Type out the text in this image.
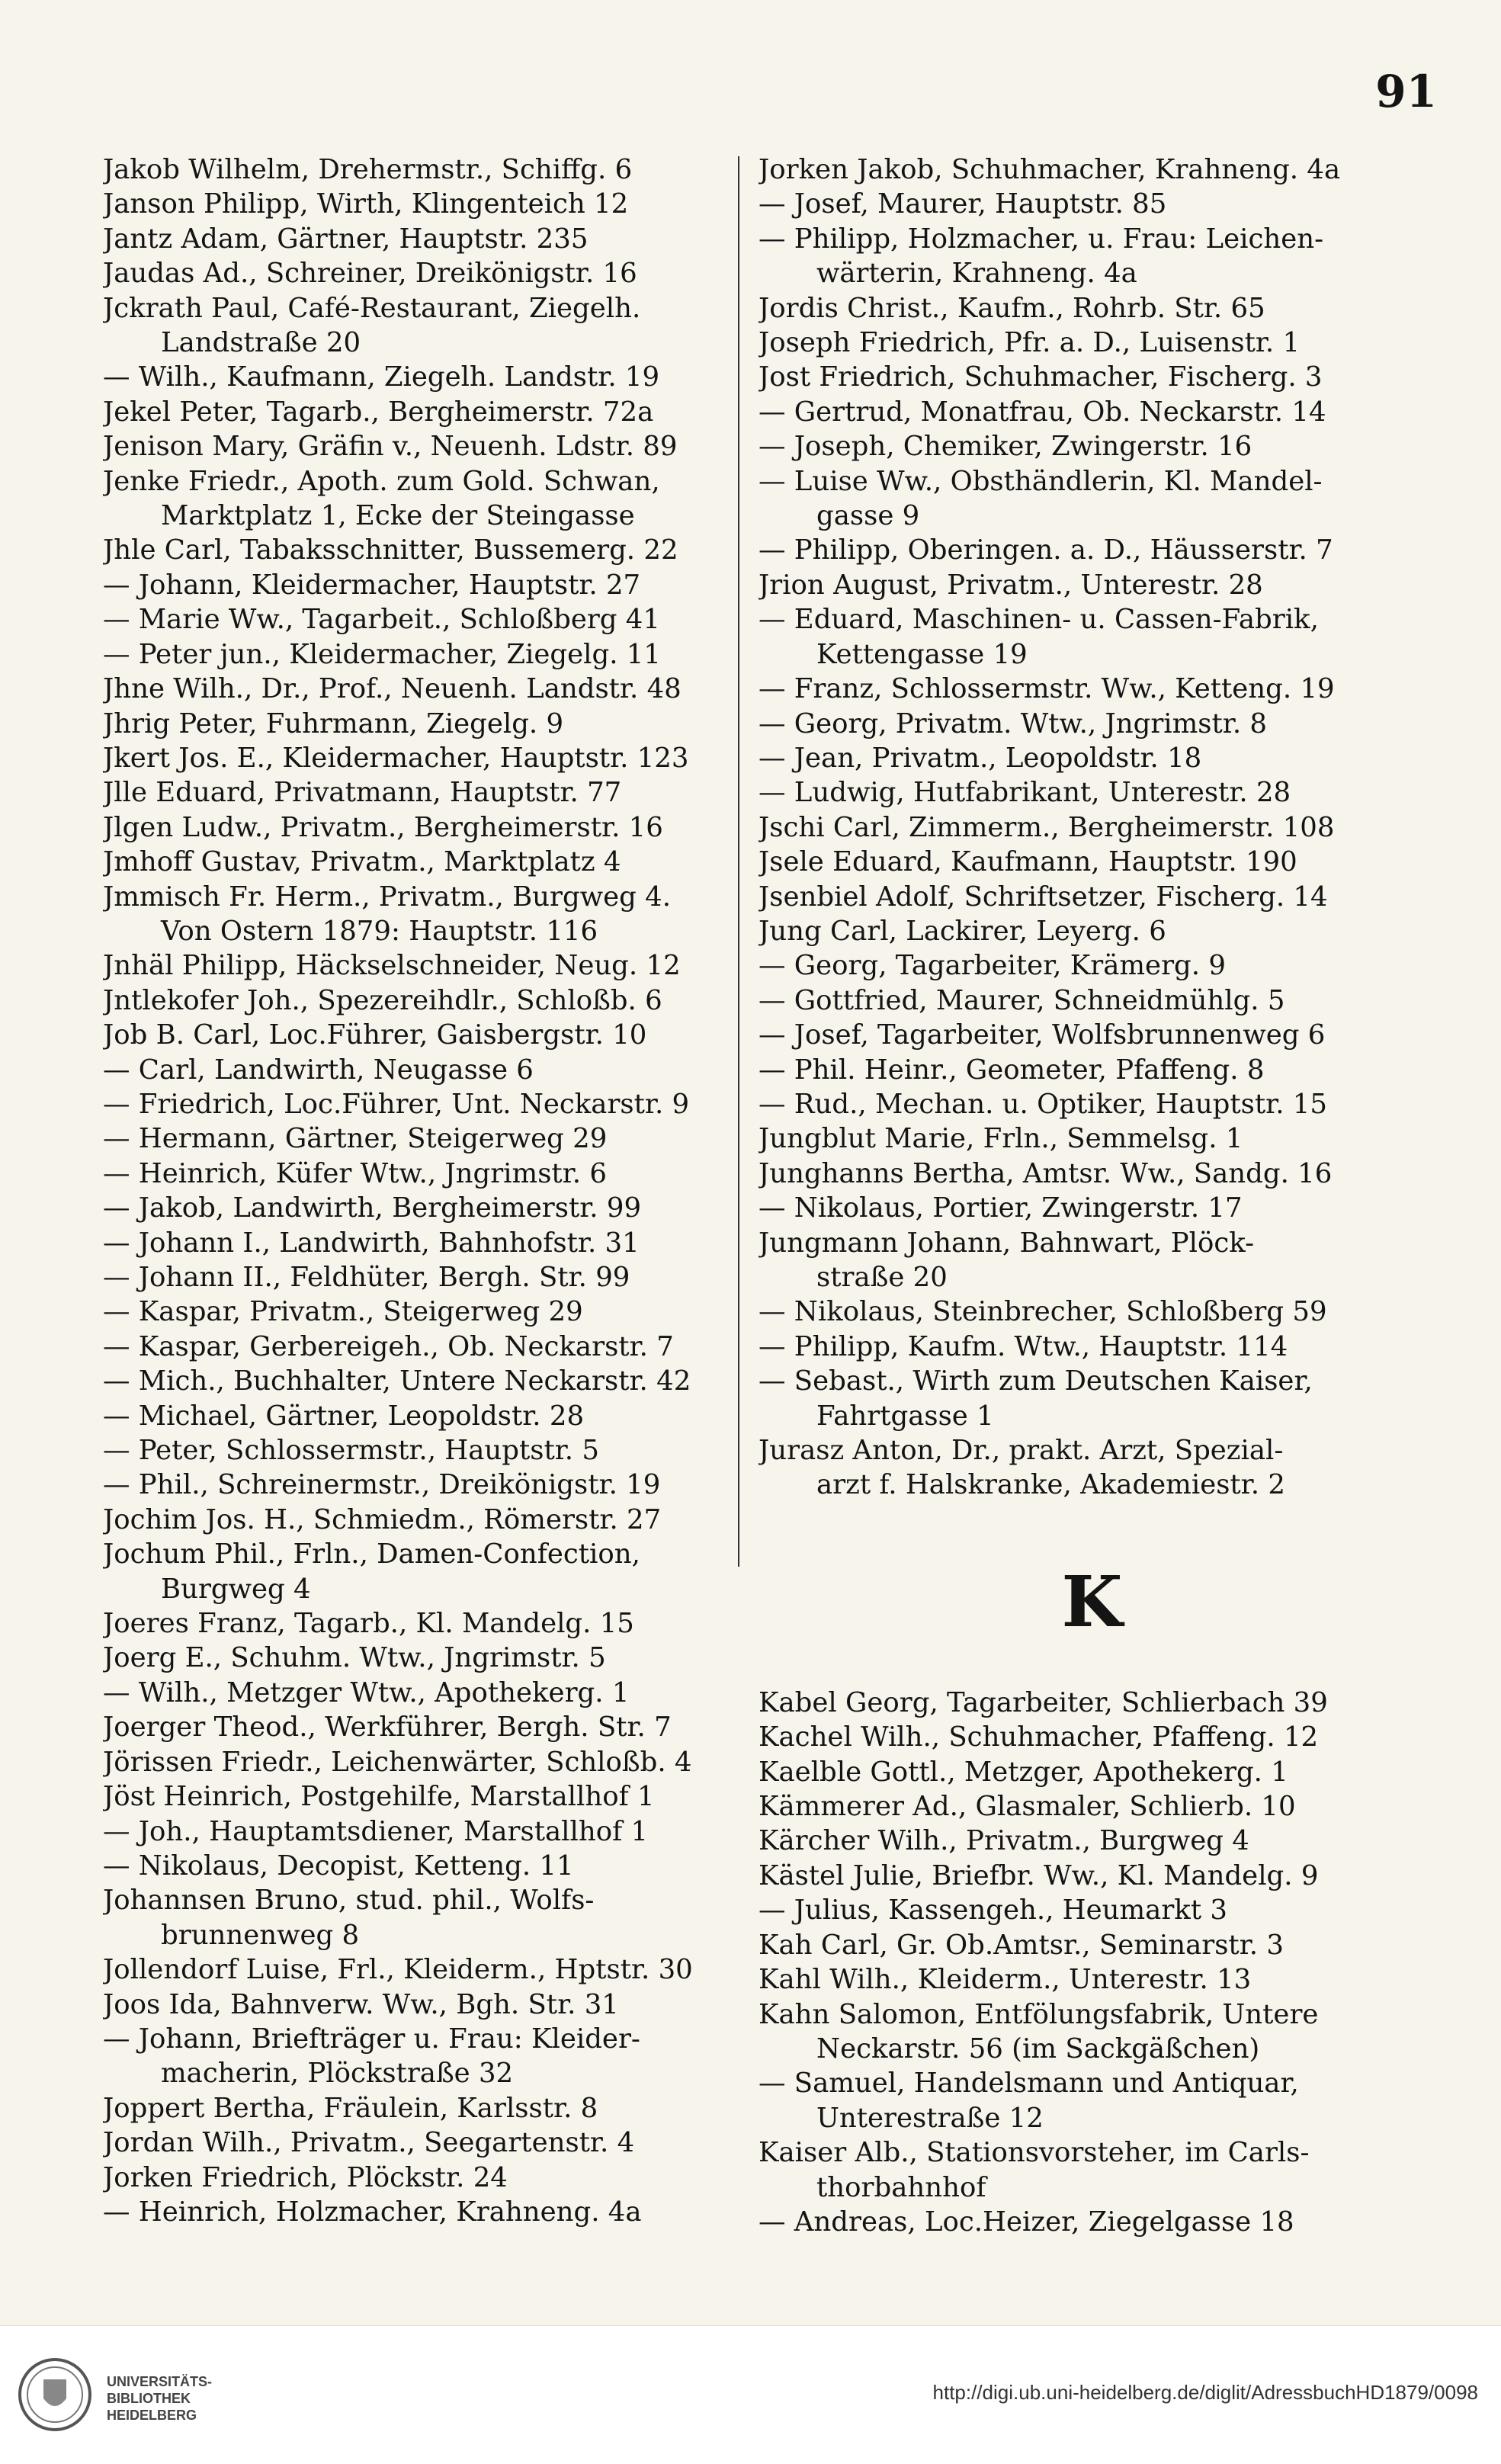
91
Jakob Wilhelm, Drehermstr., Schiffg. 6
Janson Philipp, Wirth, Klingenteich 12
Jantz Adam, Gärtner, Hauptstr. 235
Jaudas Ad., Schreiner, Dreikönigstr. 16
Jckrath Paul, Café-Restaurant, Ziegelh.
Landstraße 20
— Wilh., Kaufmann, Ziegelh. Landstr. 19
Jekel Peter, Tagarb., Bergheimerstr. 72a
Jenison Mary, Gräfin v., Neuenh. Ldstr. 89
Jenke Friedr., Apoth. zum Gold. Schwan,
Marktplatz 1, Ecke der Steingasse
Jhle Carl, Tabaksschnitter, Bussemerg. 22
— Johann, Kleidermacher, Hauptstr. 27
— Marie Ww., Tagarbeit., Schloßberg 41
— Peter jun., Kleidermacher, Ziegelg. 11
Jhne Wilh., Dr., Prof., Neuenh. Landstr. 48
Jhrig Peter, Fuhrmann, Ziegelg. 9
Jkert Jos. E., Kleidermacher, Hauptstr. 123
Jlle Eduard, Privatmann, Hauptstr. 77
Jlgen Ludw., Privatm., Bergheimerstr. 16
Jmhoff Gustav, Privatm., Marktplatz 4
Jmmisch Fr. Herm., Privatm., Burgweg 4.
Von Ostern 1879: Hauptstr. 116
Jnhäl Philipp, Häckselschneider, Neug. 12
Jntlekofer Joh., Spezereihdlr., Schloßb. 6
Job B. Carl, Loc.Führer, Gaisbergstr. 10
— Carl, Landwirth, Neugasse 6
— Friedrich, Loc.Führer, Unt. Neckarstr. 9
— Hermann, Gärtner, Steigerweg 29
— Heinrich, Küfer Wtw., Jngrimstr. 6
— Jakob, Landwirth, Bergheimerstr. 99
— Johann I., Landwirth, Bahnhofstr. 31
— Johann II., Feldhüter, Bergh. Str. 99
— Kaspar, Privatm., Steigerweg 29
— Kaspar, Gerbereigeh., Ob. Neckarstr. 7
— Mich., Buchhalter, Untere Neckarstr. 42
— Michael, Gärtner, Leopoldstr. 28
— Peter, Schlossermstr., Hauptstr. 5
— Phil., Schreinermstr., Dreikönigstr. 19
Jochim Jos. H., Schmiedm., Römerstr. 27
Jochum Phil., Frln., Damen-Confection,
Burgweg 4
Joeres Franz, Tagarb., Kl. Mandelg. 15
Joerg E., Schuhm. Wtw., Jngrimstr. 5
— Wilh., Metzger Wtw., Apothekerg. 1
Joerger Theod., Werkführer, Bergh. Str. 7
Jörissen Friedr., Leichenwärter, Schloßb. 4
Jöst Heinrich, Postgehilfe, Marstallhof 1
— Joh., Hauptamtsdiener, Marstallhof 1
— Nikolaus, Decopist, Ketteng. 11
Johannsen Bruno, stud. phil., Wolfs-
brunnenweg 8
Jollendorf Luise, Frl., Kleiderm., Hptstr. 30
Joos Ida, Bahnverw. Ww., Bgh. Str. 31
— Johann, Briefträger u. Frau: Kleider-
macherin, Plöckstraße 32
Joppert Bertha, Fräulein, Karlsstr. 8
Jordan Wilh., Privatm., Seegartenstr. 4
Jorken Friedrich, Plöckstr. 24
— Heinrich, Holzmacher, Krahneng. 4a
Jorken Jakob, Schuhmacher, Krahneng. 4a
— Josef, Maurer, Hauptstr. 85
— Philipp, Holzmacher, u. Frau: Leichen-
wärterin, Krahneng. 4a
Jordis Christ., Kaufm., Rohrb. Str. 65
Joseph Friedrich, Pfr. a. D., Luisenstr. 1
Jost Friedrich, Schuhmacher, Fischerg. 3
— Gertrud, Monatfrau, Ob. Neckarstr. 14
— Joseph, Chemiker, Zwingerstr. 16
— Luise Ww., Obsthändlerin, Kl. Mandel-
gasse 9
— Philipp, Oberingen. a. D., Häusserstr. 7
Jrion August, Privatm., Unterestr. 28
— Eduard, Maschinen- u. Cassen-Fabrik,
Kettengasse 19
— Franz, Schlossermstr. Ww., Ketteng. 19
— Georg, Privatm. Wtw., Jngrimstr. 8
— Jean, Privatm., Leopoldstr. 18
— Ludwig, Hutfabrikant, Unterestr. 28
Jschi Carl, Zimmerm., Bergheimerstr. 108
Jsele Eduard, Kaufmann, Hauptstr. 190
Jsenbiel Adolf, Schriftsetzer, Fischerg. 14
Jung Carl, Lackirer, Leyerg. 6
— Georg, Tagarbeiter, Krämerg. 9
— Gottfried, Maurer, Schneidmühlg. 5
— Josef, Tagarbeiter, Wolfsbrunnenweg 6
— Phil. Heinr., Geometer, Pfaffeng. 8
— Rud., Mechan. u. Optiker, Hauptstr. 15
Jungblut Marie, Frln., Semmelsg. 1
Junghanns Bertha, Amtsr. Ww., Sandg. 16
— Nikolaus, Portier, Zwingerstr. 17
Jungmann Johann, Bahnwart, Plöck-
straße 20
— Nikolaus, Steinbrecher, Schloßberg 59
— Philipp, Kaufm. Wtw., Hauptstr. 114
— Sebast., Wirth zum Deutschen Kaiser,
Fahrtgasse 1
Jurasz Anton, Dr., prakt. Arzt, Spezial-
arzt f. Halskranke, Akademiestr. 2
K
Kabel Georg, Tagarbeiter, Schlierbach 39
Kachel Wilh., Schuhmacher, Pfaffeng. 12
Kaelble Gottl., Metzger, Apothekerg. 1
Kämmerer Ad., Glasmaler, Schlierb. 10
Kärcher Wilh., Privatm., Burgweg 4
Kästel Julie, Briefbr. Ww., Kl. Mandelg. 9
— Julius, Kassengeh., Heumarkt 3
Kah Carl, Gr. Ob.Amtsr., Seminarstr. 3
Kahl Wilh., Kleiderm., Unterestr. 13
Kahn Salomon, Entfölungsfabrik, Untere
Neckarstr. 56 (im Sackgäßchen)
— Samuel, Handelsmann und Antiquar,
Unterestraße 12
Kaiser Alb., Stationsvorsteher, im Carls-
thorbahnhof
— Andreas, Loc.Heizer, Ziegelgasse 18
UNIVERSITÄTS-
BIBLIOTHEK
HEIDELBERG
http://digi.ub.uni-heidelberg.de/diglit/AdressbuchHD1879/0098
